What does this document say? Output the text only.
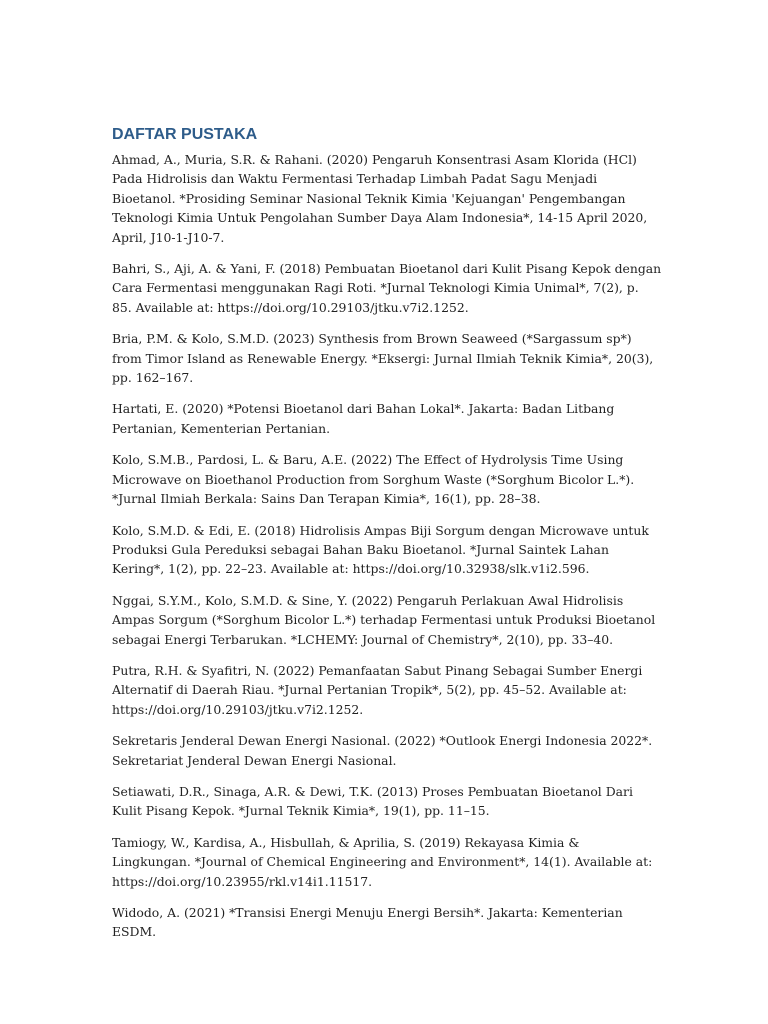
DAFTAR PUSTAKA
Ahmad, A., Muria, S.R. & Rahani. (2020) Pengaruh Konsentrasi Asam Klorida (HCl) Pada Hidrolisis dan Waktu Fermentasi Terhadap Limbah Padat Sagu Menjadi Bioetanol. *Prosiding Seminar Nasional Teknik Kimia 'Kejuangan' Pengembangan Teknologi Kimia Untuk Pengolahan Sumber Daya Alam Indonesia*, 14-15 April 2020, April, J10-1-J10-7.
Bahri, S., Aji, A. & Yani, F. (2018) Pembuatan Bioetanol dari Kulit Pisang Kepok dengan Cara Fermentasi menggunakan Ragi Roti. *Jurnal Teknologi Kimia Unimal*, 7(2), p. 85. Available at: https://doi.org/10.29103/jtku.v7i2.1252.
Bria, P.M. & Kolo, S.M.D. (2023) Synthesis from Brown Seaweed (*Sargassum sp*) from Timor Island as Renewable Energy. *Eksergi: Jurnal Ilmiah Teknik Kimia*, 20(3), pp. 162–167.
Hartati, E. (2020) *Potensi Bioetanol dari Bahan Lokal*. Jakarta: Badan Litbang Pertanian, Kementerian Pertanian.
Kolo, S.M.B., Pardosi, L. & Baru, A.E. (2022) The Effect of Hydrolysis Time Using Microwave on Bioethanol Production from Sorghum Waste (*Sorghum Bicolor L.*). *Jurnal Ilmiah Berkala: Sains Dan Terapan Kimia*, 16(1), pp. 28–38.
Kolo, S.M.D. & Edi, E. (2018) Hidrolisis Ampas Biji Sorgum dengan Microwave untuk Produksi Gula Pereduksi sebagai Bahan Baku Bioetanol. *Jurnal Saintek Lahan Kering*, 1(2), pp. 22–23. Available at: https://doi.org/10.32938/slk.v1i2.596.
Nggai, S.Y.M., Kolo, S.M.D. & Sine, Y. (2022) Pengaruh Perlakuan Awal Hidrolisis Ampas Sorgum (*Sorghum Bicolor L.*) terhadap Fermentasi untuk Produksi Bioetanol sebagai Energi Terbarukan. *LCHEMY: Journal of Chemistry*, 2(10), pp. 33–40.
Putra, R.H. & Syafitri, N. (2022) Pemanfaatan Sabut Pinang Sebagai Sumber Energi Alternatif di Daerah Riau. *Jurnal Pertanian Tropik*, 5(2), pp. 45–52. Available at: https://doi.org/10.29103/jtku.v7i2.1252.
Sekretaris Jenderal Dewan Energi Nasional. (2022) *Outlook Energi Indonesia 2022*. Sekretariat Jenderal Dewan Energi Nasional.
Setiawati, D.R., Sinaga, A.R. & Dewi, T.K. (2013) Proses Pembuatan Bioetanol Dari Kulit Pisang Kepok. *Jurnal Teknik Kimia*, 19(1), pp. 11–15.
Tamiogy, W., Kardisa, A., Hisbullah, & Aprilia, S. (2019) Rekayasa Kimia & Lingkungan. *Journal of Chemical Engineering and Environment*, 14(1). Available at: https://doi.org/10.23955/rkl.v14i1.11517.
Widodo, A. (2021) *Transisi Energi Menuju Energi Bersih*. Jakarta: Kementerian ESDM.
